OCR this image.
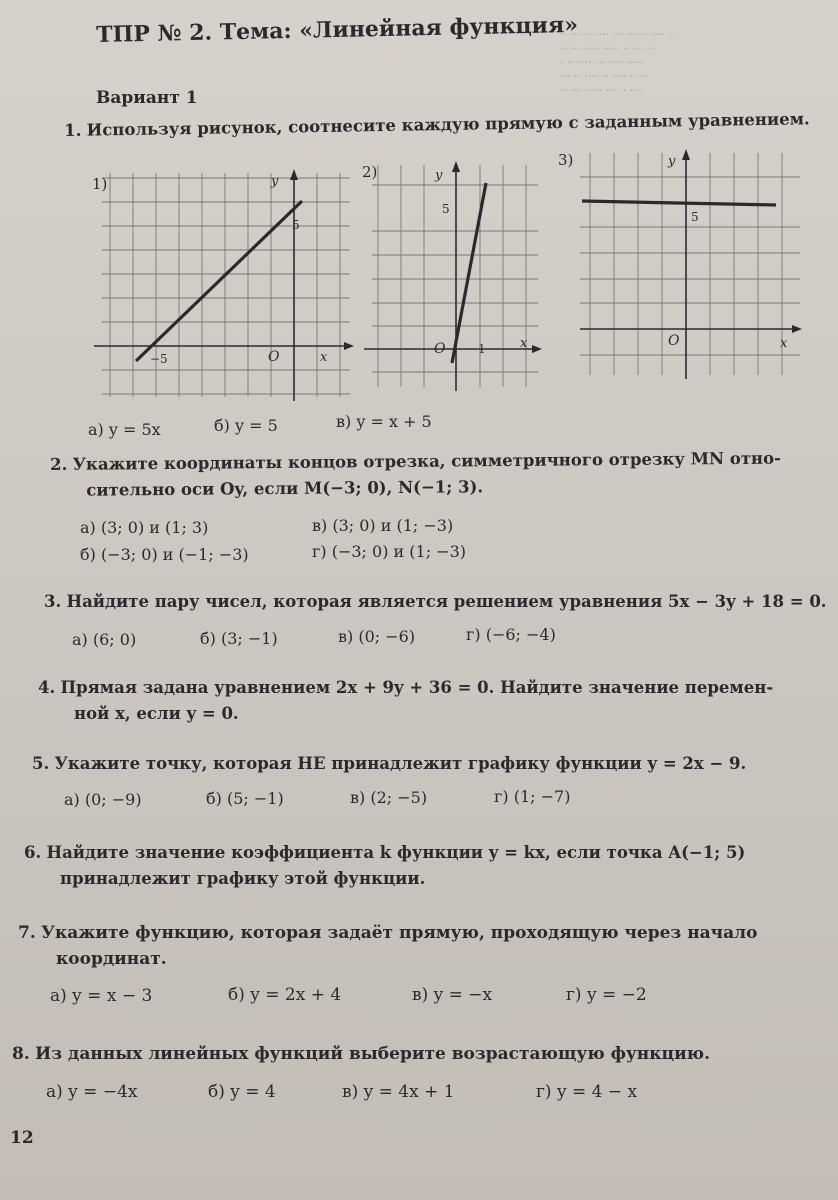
·· ··· ·· ···· ··· ······ ···· · ·
·· ··· ···· ····· ·· ··· ··
· ·· ···· ··· ···· ·····
··· ·· ···· ·· ···· ·· ··
·· ··· ····· ··· ·· ····
ТПР № 2. Тема: «Линейная функция»
Вариант 1
1. Используя рисунок, соотнесите каждую прямую с заданным уравнением.
1)	y
x
O
5
−5
2)	y
x
O
5
1
3)	y
x
O
5
а) y = 5x	б) y = 5	в) y = x + 5
2. Укажите координаты концов отрезка, симметричного отрезку MN отно-
сительно оси Oy, если M(−3; 0), N(−1; 3).
а) (3; 0) и (1; 3)	в) (3; 0) и (1; −3)
б) (−3; 0) и (−1; −3)	г) (−3; 0) и (1; −3)
3. Найдите пару чисел, которая является решением уравнения 5x − 3y + 18 = 0.
а) (6; 0)	б) (3; −1)	в) (0; −6)	г) (−6; −4)
4. Прямая задана уравнением 2x + 9y + 36 = 0. Найдите значение перемен-
ной x, если y = 0.
5. Укажите точку, которая НЕ принадлежит графику функции y = 2x − 9.
а) (0; −9)	б) (5; −1)	в) (2; −5)	г) (1; −7)
6. Найдите значение коэффициента k функции y = kx, если точка A(−1; 5)
принадлежит графику этой функции.
7. Укажите функцию, которая задаёт прямую, проходящую через начало
координат.
а) y = x − 3	б) y = 2x + 4	в) y = −x	г) y = −2
8. Из данных линейных функций выберите возрастающую функцию.
а) y = −4x	б) y = 4	в) y = 4x + 1	г) y = 4 − x
12
